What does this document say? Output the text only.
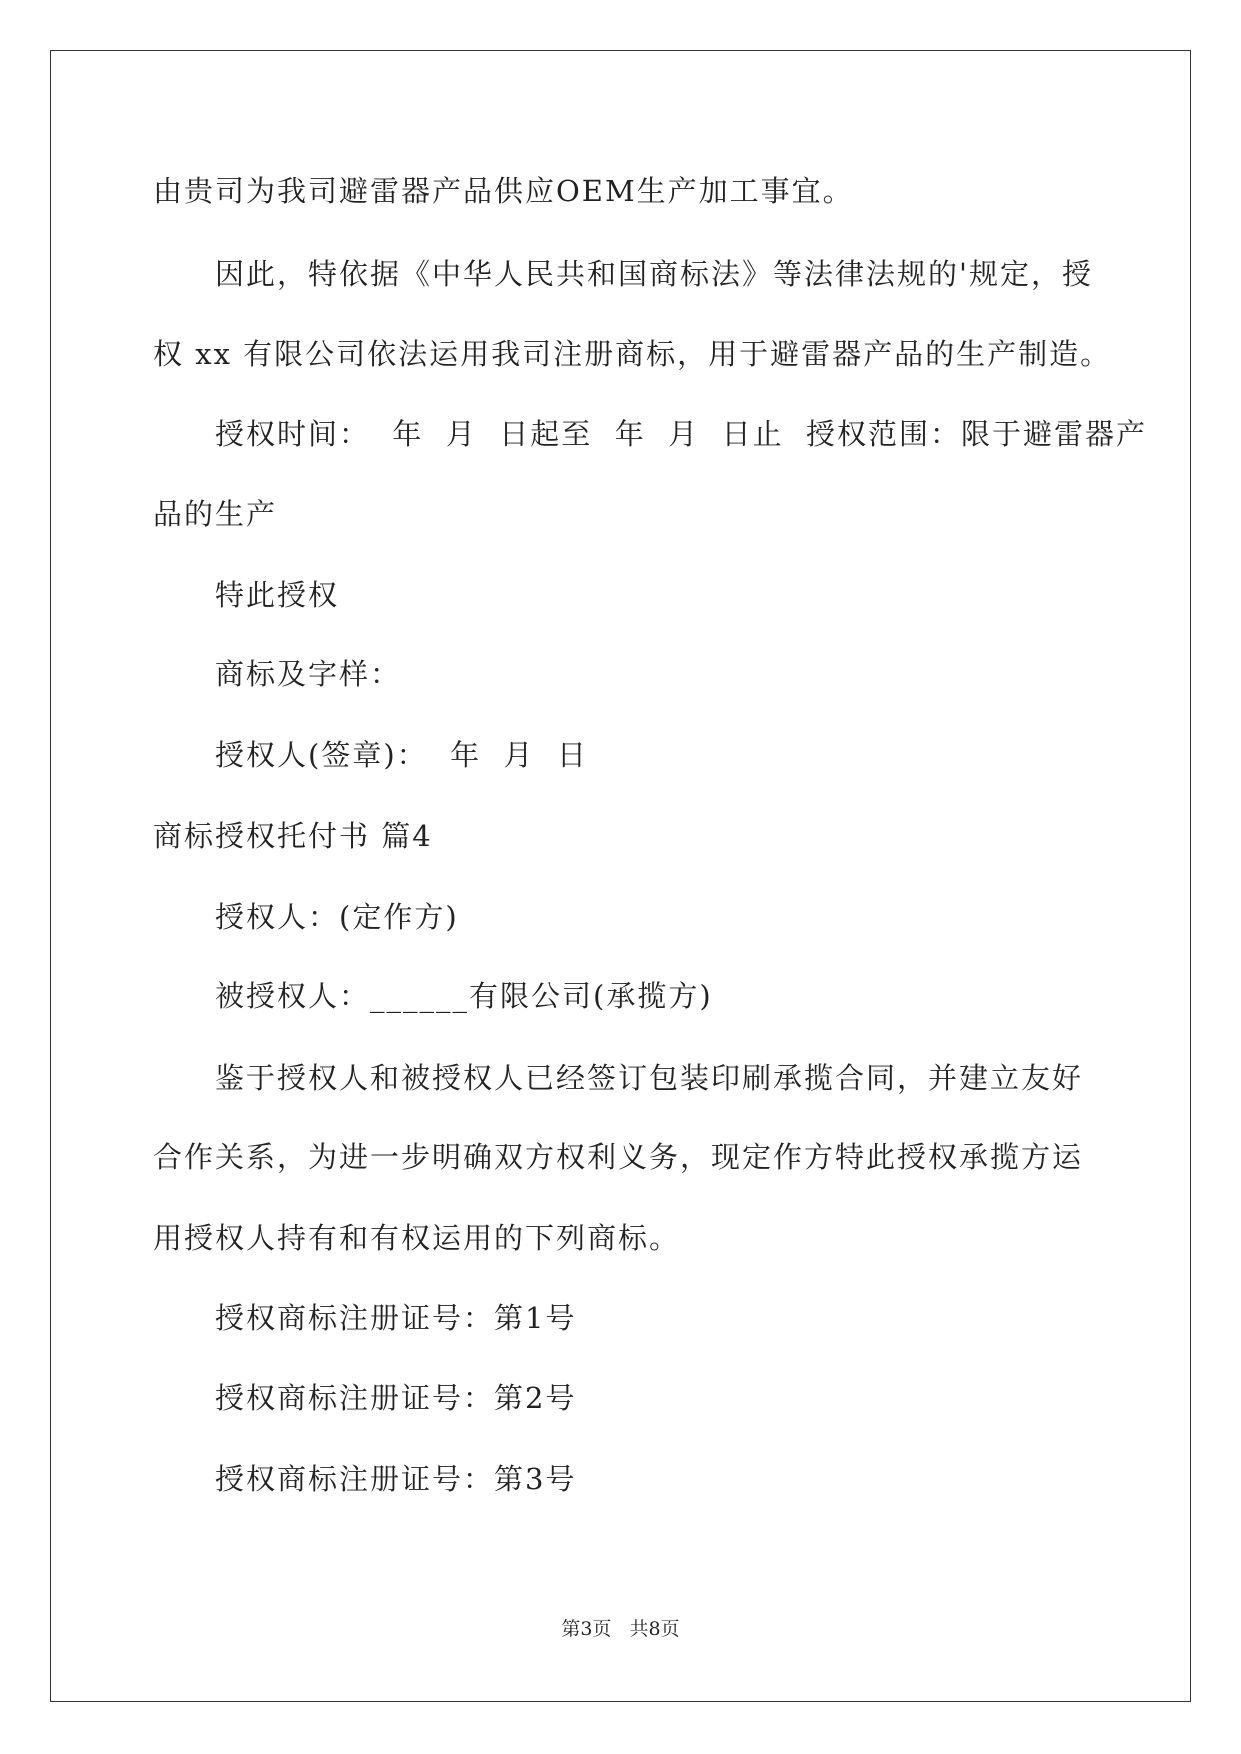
由贵司为我司避雷器产品供应OEM生产加工事宜。
因此，特依据《中华人民共和国商标法》等法律法规的'规定，授
权 xx 有限公司依法运用我司注册商标，用于避雷器产品的生产制造。
授权时间：  年  月  日起至  年  月  日止  授权范围：限于避雷器产
品的生产
特此授权
商标及字样：
授权人(签章)：  年  月  日
商标授权托付书 篇4
授权人：(定作方)
被授权人：______有限公司(承揽方)
鉴于授权人和被授权人已经签订包装印刷承揽合同，并建立友好
合作关系，为进一步明确双方权利义务，现定作方特此授权承揽方运
用授权人持有和有权运用的下列商标。
授权商标注册证号：第1号
授权商标注册证号：第2号
授权商标注册证号：第3号
第3页   共8页
